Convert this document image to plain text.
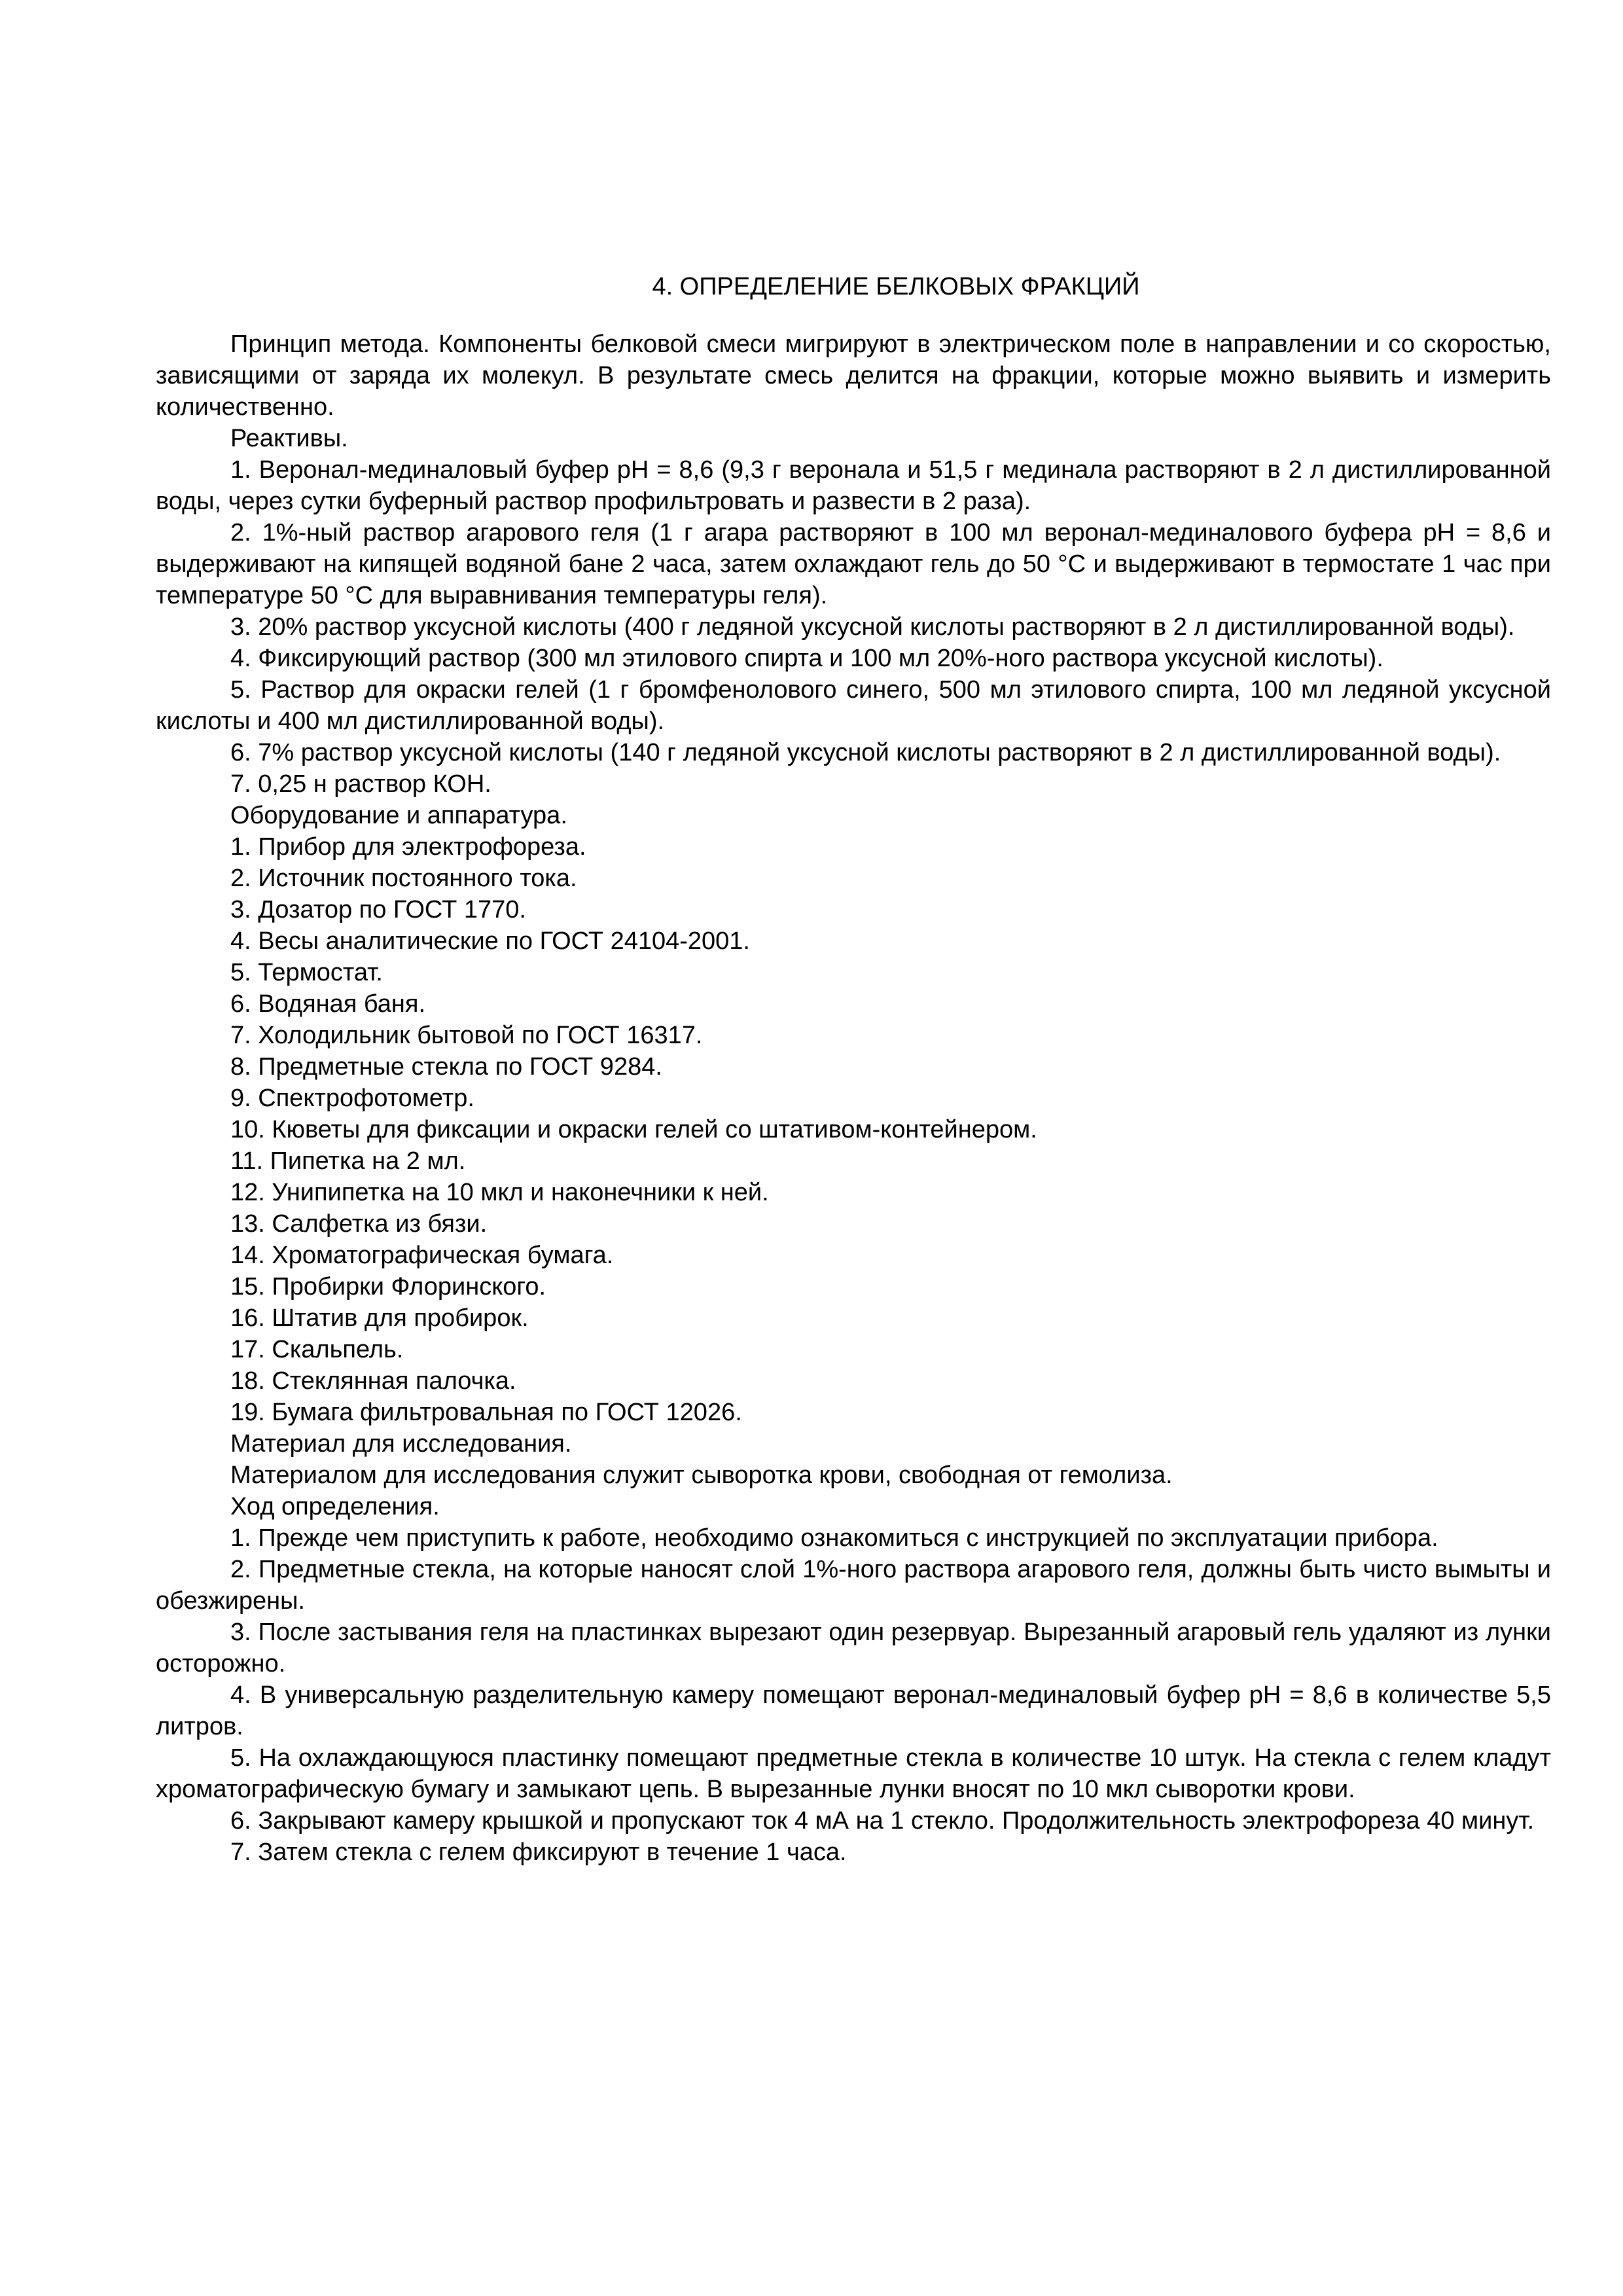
4. ОПРЕДЕЛЕНИЕ БЕЛКОВЫХ ФРАКЦИЙ

Принцип метода. Компоненты белковой смеси мигрируют в электрическом поле в направлении и со скоростью, зависящими от заряда их молекул. В результате смесь делится на фракции, которые можно выявить и измерить количественно.

Реактивы.

1. Веронал-мединаловый буфер pH = 8,6 (9,3 г веронала и 51,5 г мединала растворяют в 2 л дистиллированной воды, через сутки буферный раствор профильтровать и развести в 2 раза).

2. 1%-ный раствор агарового геля (1 г агара растворяют в 100 мл веронал-мединалового буфера pH = 8,6 и выдерживают на кипящей водяной бане 2 часа, затем охлаждают гель до 50 °C и выдерживают в термостате 1 час при температуре 50 °C для выравнивания температуры геля).

3. 20% раствор уксусной кислоты (400 г ледяной уксусной кислоты растворяют в 2 л дистиллированной воды).

4. Фиксирующий раствор (300 мл этилового спирта и 100 мл 20%-ного раствора уксусной кислоты).

5. Раствор для окраски гелей (1 г бромфенолового синего, 500 мл этилового спирта, 100 мл ледяной уксусной кислоты и 400 мл дистиллированной воды).

6. 7% раствор уксусной кислоты (140 г ледяной уксусной кислоты растворяют в 2 л дистиллированной воды).

7. 0,25 н раствор КОН.

Оборудование и аппаратура.

1. Прибор для электрофореза.

2. Источник постоянного тока.

3. Дозатор по ГОСТ 1770.

4. Весы аналитические по ГОСТ 24104-2001.

5. Термостат.

6. Водяная баня.

7. Холодильник бытовой по ГОСТ 16317.

8. Предметные стекла по ГОСТ 9284.

9. Спектрофотометр.

10. Кюветы для фиксации и окраски гелей со штативом-контейнером.

11. Пипетка на 2 мл.

12. Унипипетка на 10 мкл и наконечники к ней.

13. Салфетка из бязи.

14. Хроматографическая бумага.

15. Пробирки Флоринского.

16. Штатив для пробирок.

17. Скальпель.

18. Стеклянная палочка.

19. Бумага фильтровальная по ГОСТ 12026.

Материал для исследования.

Материалом для исследования служит сыворотка крови, свободная от гемолиза.

Ход определения.

1. Прежде чем приступить к работе, необходимо ознакомиться с инструкцией по эксплуатации прибора.

2. Предметные стекла, на которые наносят слой 1%-ного раствора агарового геля, должны быть чисто вымыты и обезжирены.

3. После застывания геля на пластинках вырезают один резервуар. Вырезанный агаровый гель удаляют из лунки осторожно.

4. В универсальную разделительную камеру помещают веронал-мединаловый буфер pH = 8,6 в количестве 5,5 литров.

5. На охлаждающуюся пластинку помещают предметные стекла в количестве 10 штук. На стекла с гелем кладут хроматографическую бумагу и замыкают цепь. В вырезанные лунки вносят по 10 мкл сыворотки крови.

6. Закрывают камеру крышкой и пропускают ток 4 мА на 1 стекло. Продолжительность электрофореза 40 минут.

7. Затем стекла с гелем фиксируют в течение 1 часа.
